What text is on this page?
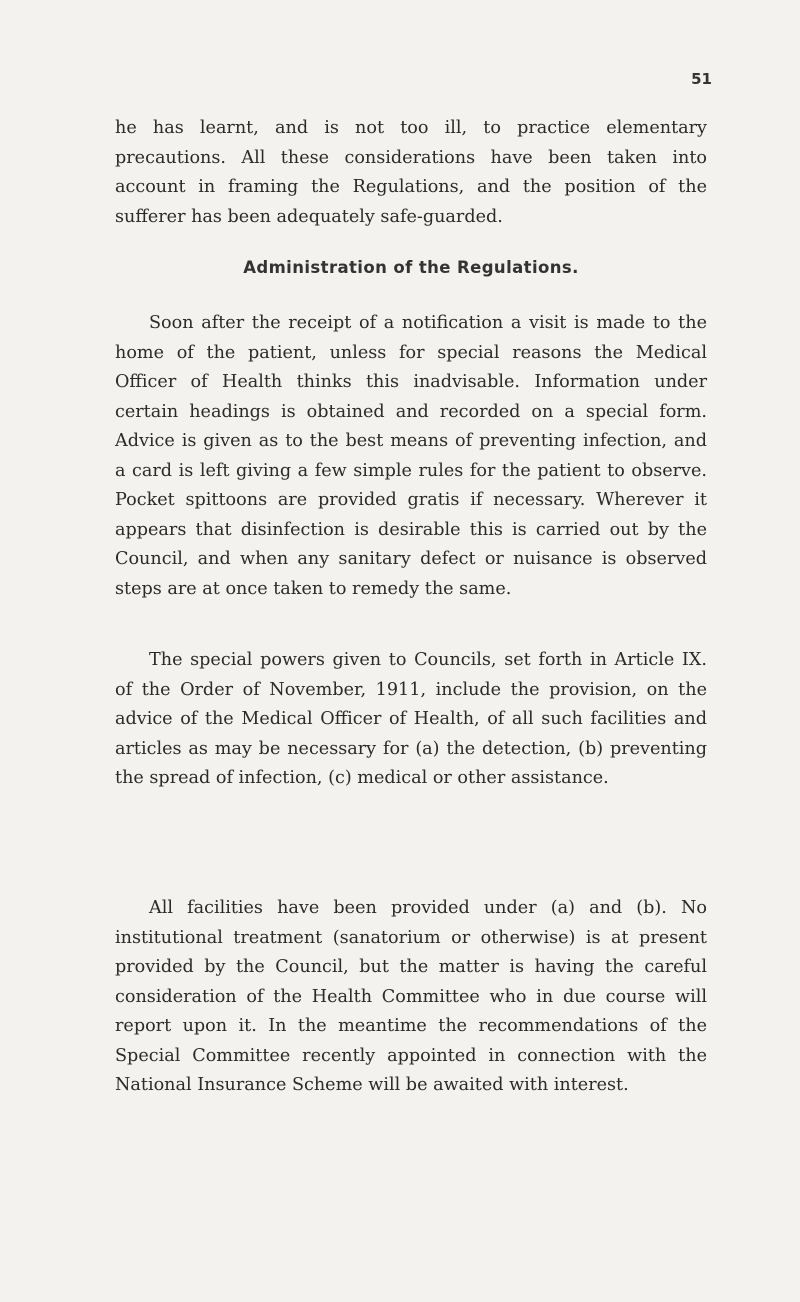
51

he has learnt, and is not too ill, to practice elementary precautions. All these considerations have been taken into account in framing the Regulations, and the position of the sufferer has been adequately safe-guarded.

Administration of the Regulations.

Soon after the receipt of a notification a visit is made to the home of the patient, unless for special reasons the Medical Officer of Health thinks this inadvisable. Information under certain headings is obtained and recorded on a special form. Advice is given as to the best means of preventing infection, and a card is left giving a few simple rules for the patient to observe. Pocket spittoons are provided gratis if necessary. Wherever it appears that disinfection is desirable this is carried out by the Council, and when any sanitary defect or nuisance is observed steps are at once taken to remedy the same.

The special powers given to Councils, set forth in Article IX. of the Order of November, 1911, include the provision, on the advice of the Medical Officer of Health, of all such facilities and articles as may be necessary for (a) the detection, (b) preventing the spread of infection, (c) medical or other assistance.

All facilities have been provided under (a) and (b). No institutional treatment (sanatorium or otherwise) is at present provided by the Council, but the matter is having the careful consideration of the Health Committee who in due course will report upon it. In the meantime the recommendations of the Special Committee recently appointed in connection with the National Insurance Scheme will be awaited with interest.
